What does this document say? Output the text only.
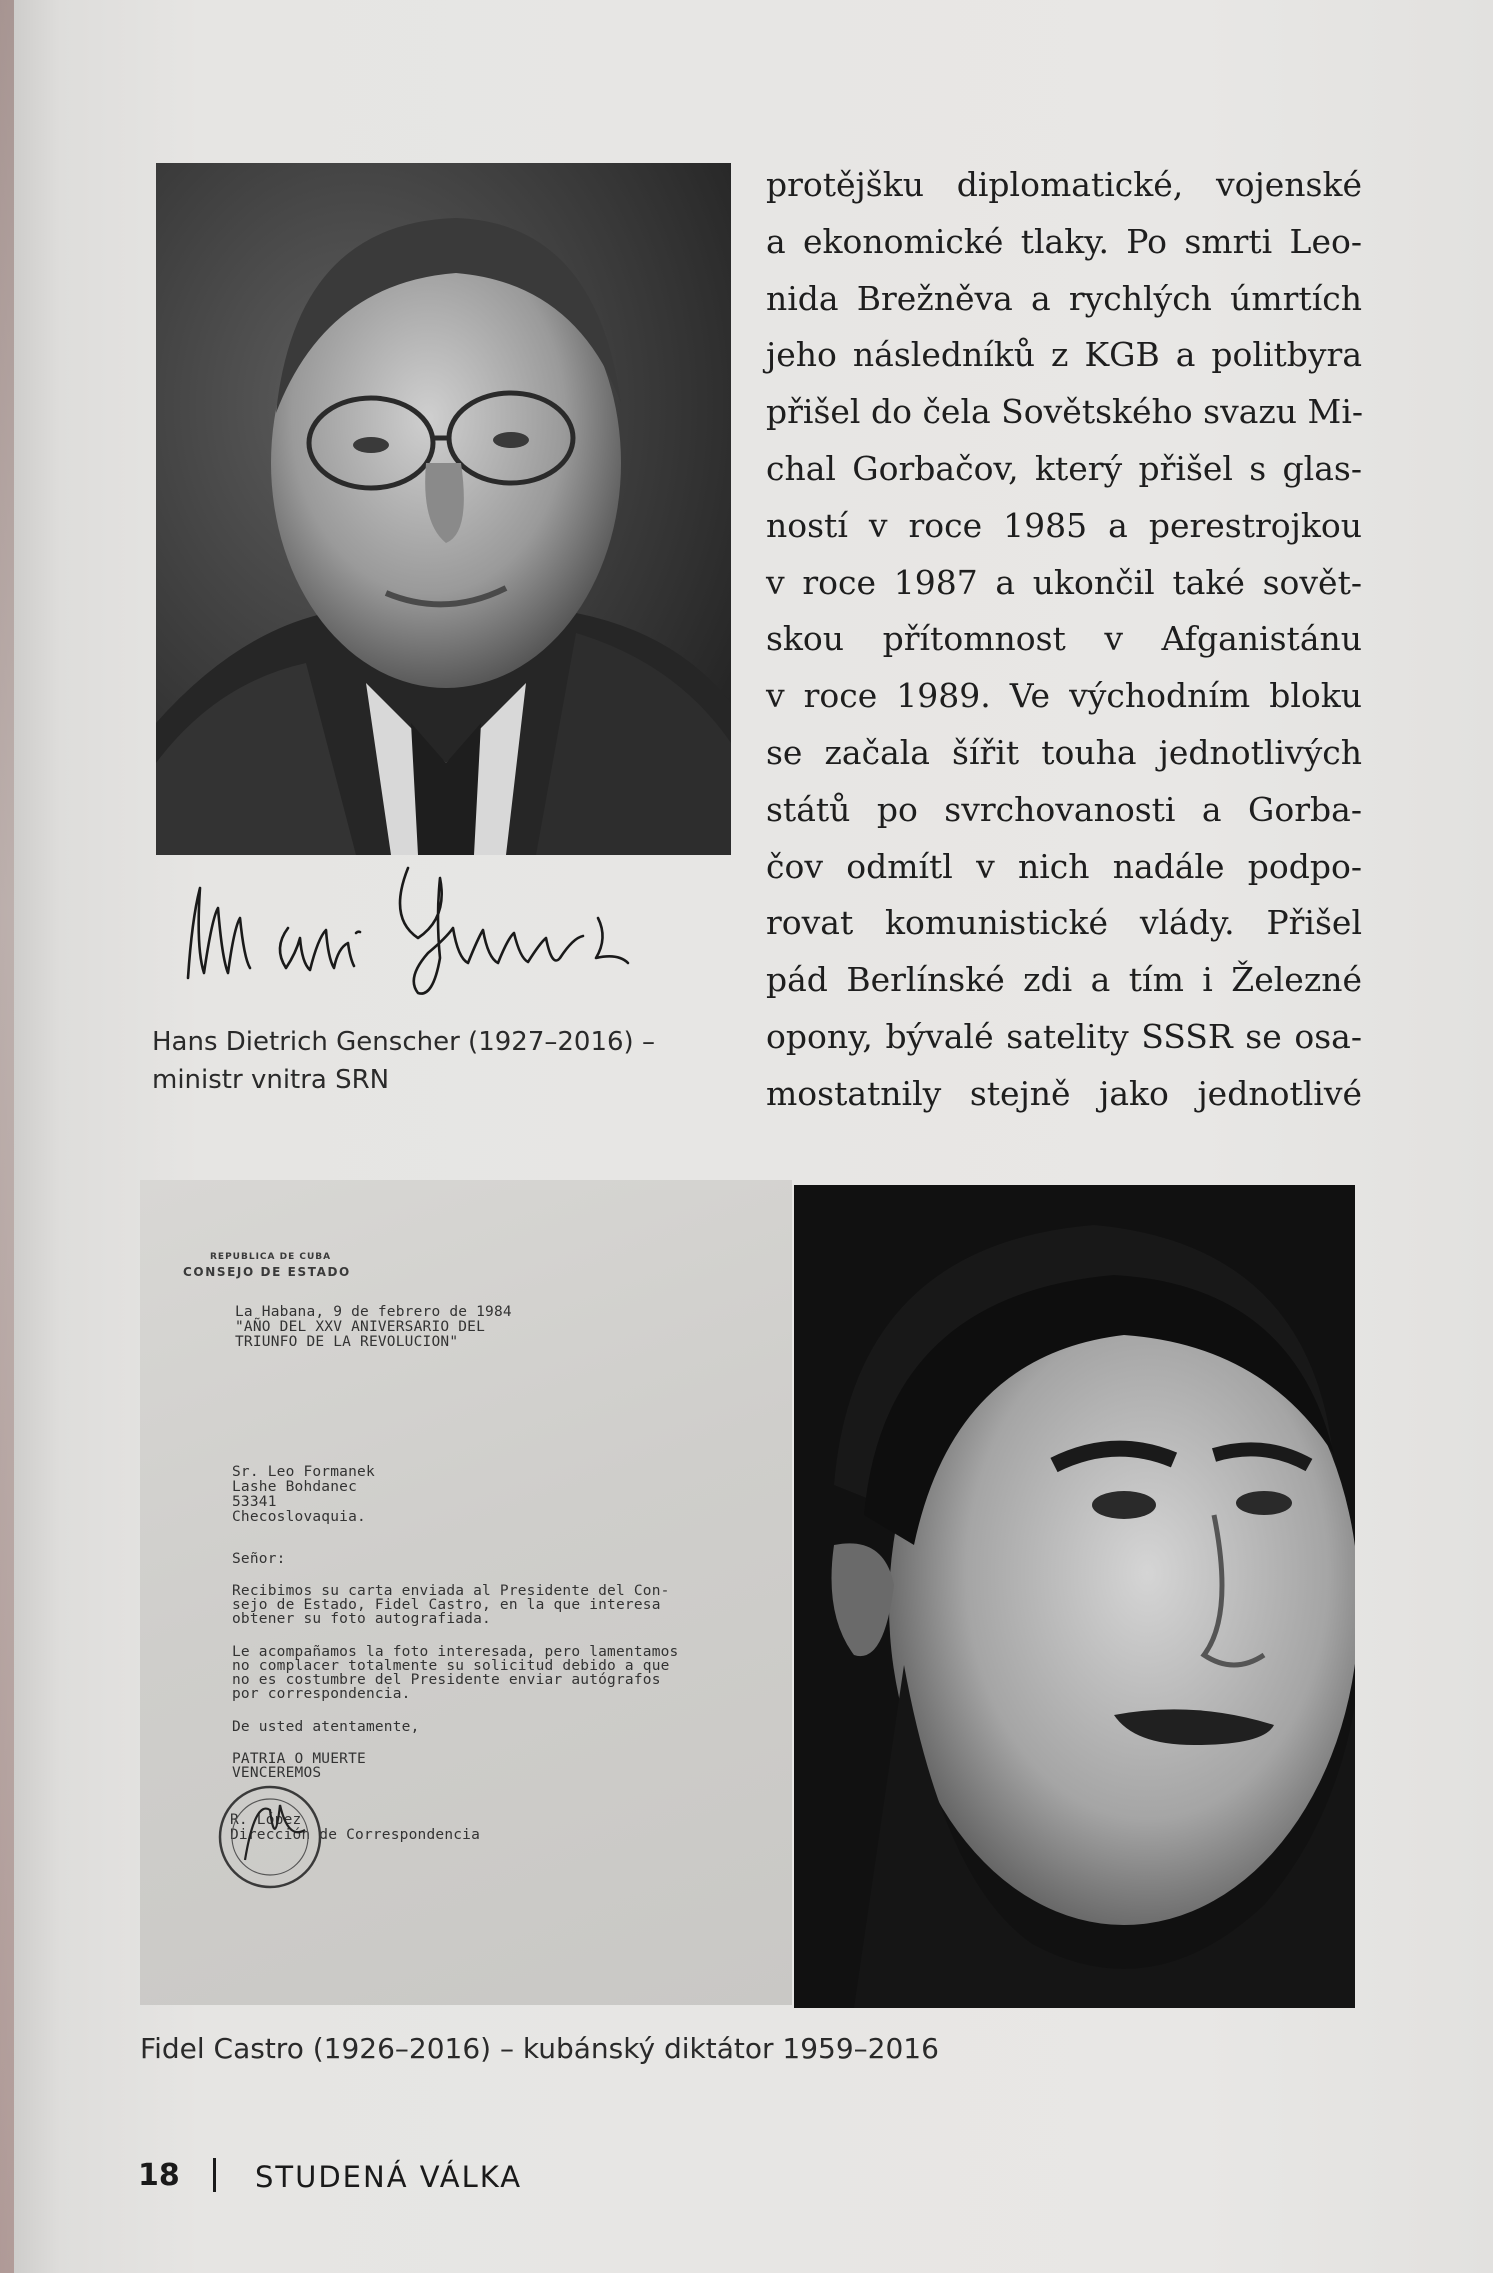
Hans Dietrich Genscher (1927–2016) –
ministr vnitra SRN
protějšku diplomatické, vojenské
a ekonomické tlaky. Po smrti Leo-
nida Brežněva a rychlých úmrtích
jeho následníků z KGB a politbyra
přišel do čela Sovětského svazu Mi-
chal Gorbačov, který přišel s glas-
ností v roce 1985 a perestrojkou
v roce 1987 a ukončil také sovět-
skou přítomnost v Afganistánu
v roce 1989. Ve východním bloku
se začala šířit touha jednotlivých
států po svrchovanosti a Gorba-
čov odmítl v nich nadále podpo-
rovat komunistické vlády. Přišel
pád Berlínské zdi a tím i Železné
opony, bývalé satelity SSSR se osa-
mostatnily stejně jako jednotlivé
REPUBLICA DE CUBA
CONSEJO DE ESTADO
La Habana, 9 de febrero de 1984
"AÑO DEL XXV ANIVERSARIO DEL
TRIUNFO DE LA REVOLUCION"
Sr. Leo Formanek
Lashe Bohdanec
53341
Checoslovaquia.
Señor:
Recibimos su carta enviada al Presidente del Con-
sejo de Estado, Fidel Castro, en la que interesa
obtener su foto autografiada.
Le acompañamos la foto interesada, pero lamentamos
no complacer totalmente su solicitud debido a que
no es costumbre del Presidente enviar autógrafos
por correspondencia.
De usted atentamente,
PATRIA O MUERTE
VENCEREMOS
R. López
Dirección de Correspondencia
Fidel Castro (1926–2016) – kubánský diktátor 1959–2016
18	STUDENÁ VÁLKA
